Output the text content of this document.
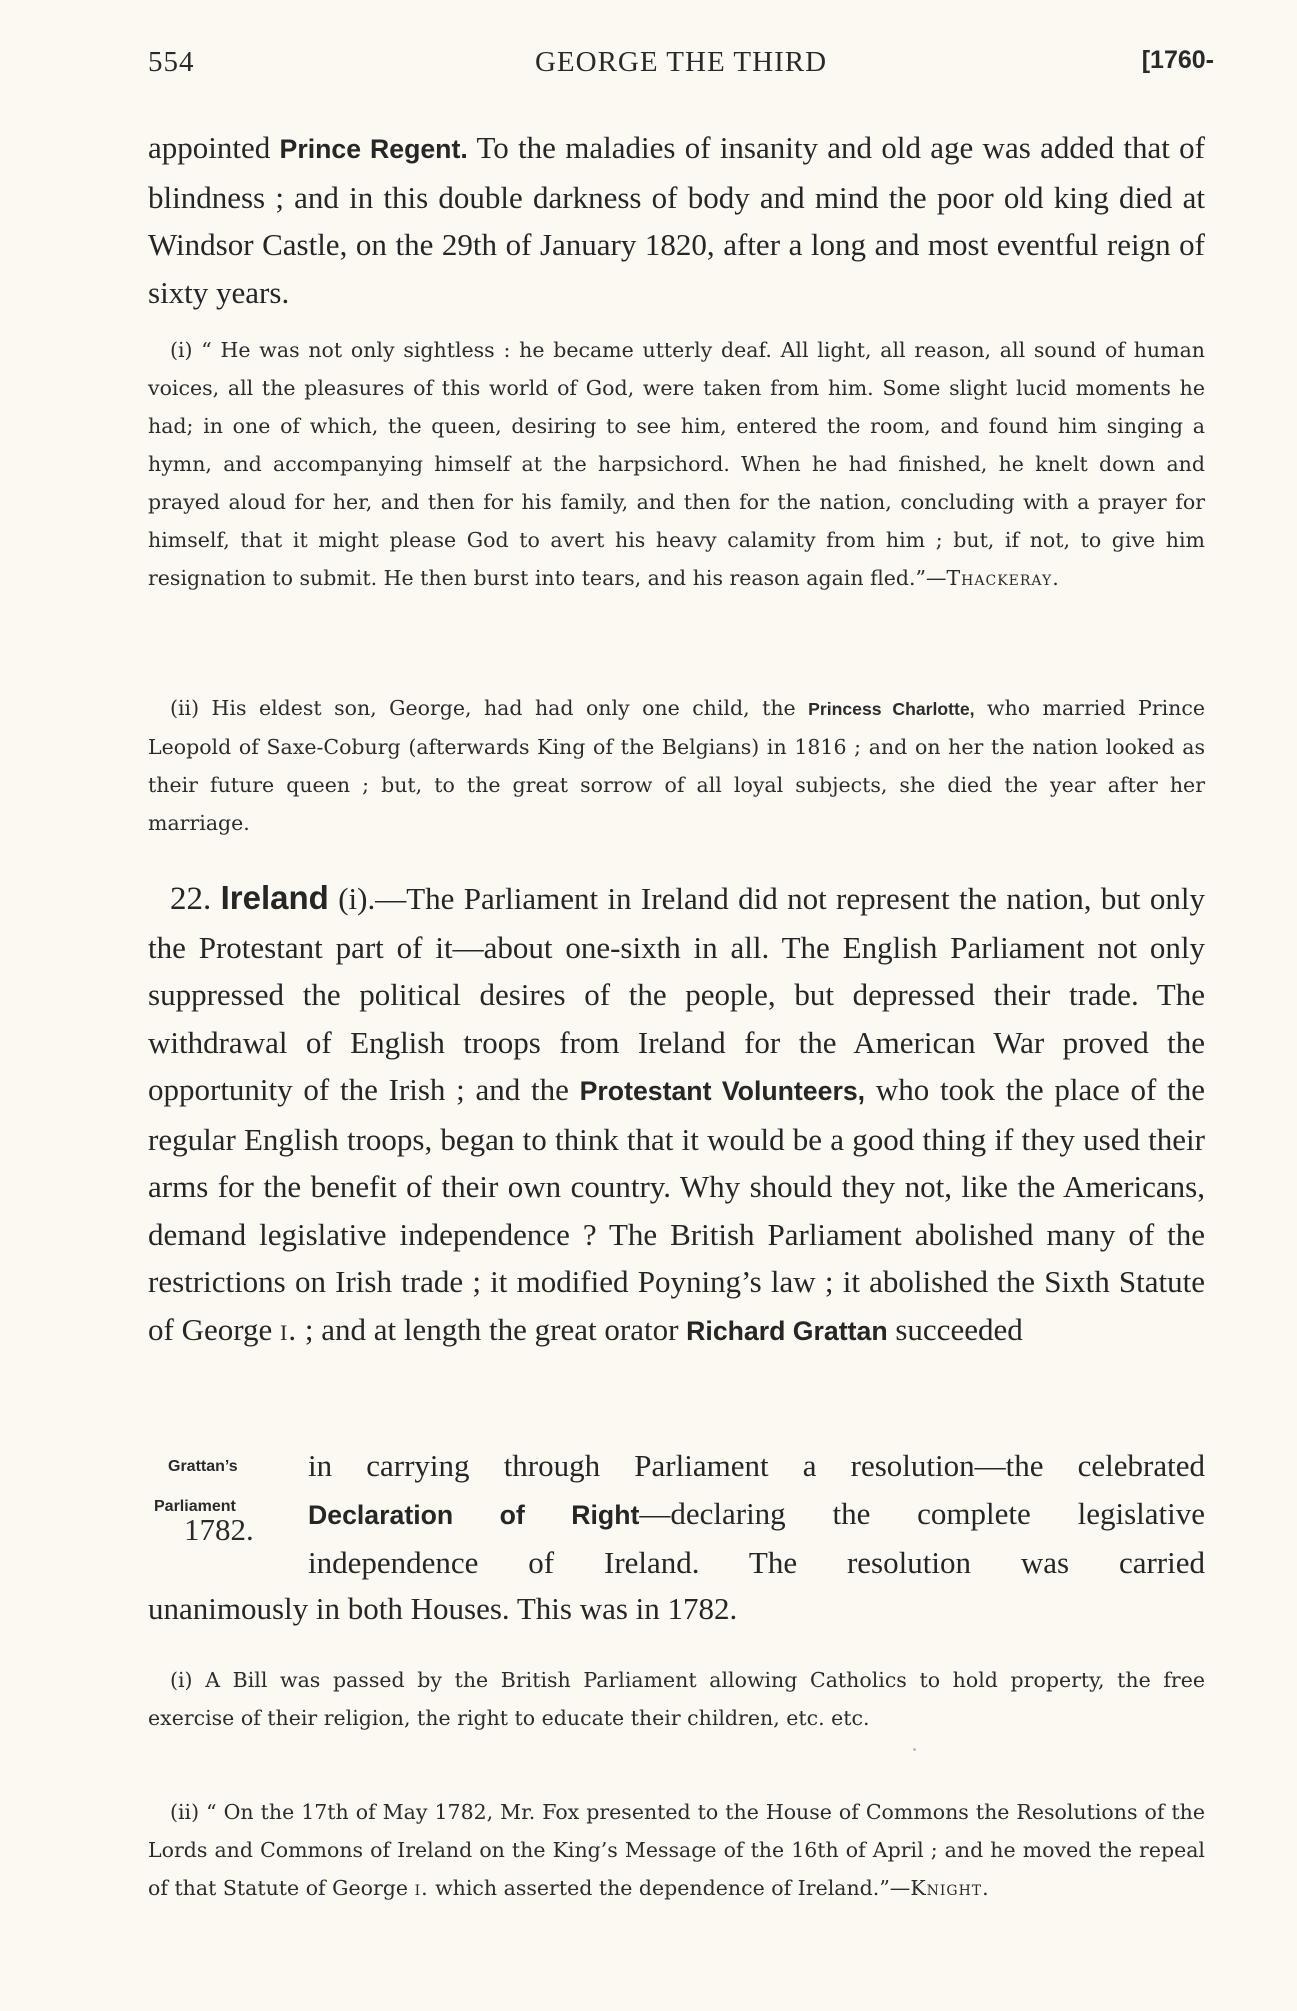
554	GEORGE THE THIRD	[1760-
appointed Prince Regent. To the maladies of insanity and old age was added that of blindness ; and in this double darkness of body and mind the poor old king died at Windsor Castle, on the 29th of January 1820, after a long and most eventful reign of sixty years.
(i) “ He was not only sightless : he became utterly deaf. All light, all reason, all sound of human voices, all the pleasures of this world of God, were taken from him. Some slight lucid moments he had; in one of which, the queen, desiring to see him, entered the room, and found him singing a hymn, and accompanying himself at the harpsichord. When he had finished, he knelt down and prayed aloud for her, and then for his family, and then for the nation, concluding with a prayer for himself, that it might please God to avert his heavy calamity from him ; but, if not, to give him resignation to submit. He then burst into tears, and his reason again fled.”—Thackeray.
(ii) His eldest son, George, had had only one child, the Princess Charlotte, who married Prince Leopold of Saxe-Coburg (afterwards King of the Belgians) in 1816 ; and on her the nation looked as their future queen ; but, to the great sorrow of all loyal subjects, she died the year after her marriage.
22. Ireland (i).—The Parliament in Ireland did not represent the nation, but only the Protestant part of it—about one-sixth in all. The English Parliament not only suppressed the political desires of the people, but depressed their trade. The withdrawal of English troops from Ireland for the American War proved the opportunity of the Irish ; and the Protestant Volunteers, who took the place of the regular English troops, began to think that it would be a good thing if they used their arms for the benefit of their own country. Why should they not, like the Americans, demand legislative independence ? The British Parliament abolished many of the restrictions on Irish trade ; it modified Poyning’s law ; it abolished the Sixth Statute of George i. ; and at length the great orator Richard Grattan succeeded
Grattan’s
Parliament
1782.
in carrying through Parliament a resolution—the celebrated
Declaration of Right—declaring the complete legislative
independence of Ireland. The resolution was carried
unanimously in both Houses. This was in 1782.
(i) A Bill was passed by the British Parliament allowing Catholics to hold property, the free exercise of their religion, the right to educate their children, etc. etc.
(ii) “ On the 17th of May 1782, Mr. Fox presented to the House of Commons the Resolutions of the Lords and Commons of Ireland on the King’s Message of the 16th of April ; and he moved the repeal of that Statute of George i. which asserted the dependence of Ireland.”—Knight.
